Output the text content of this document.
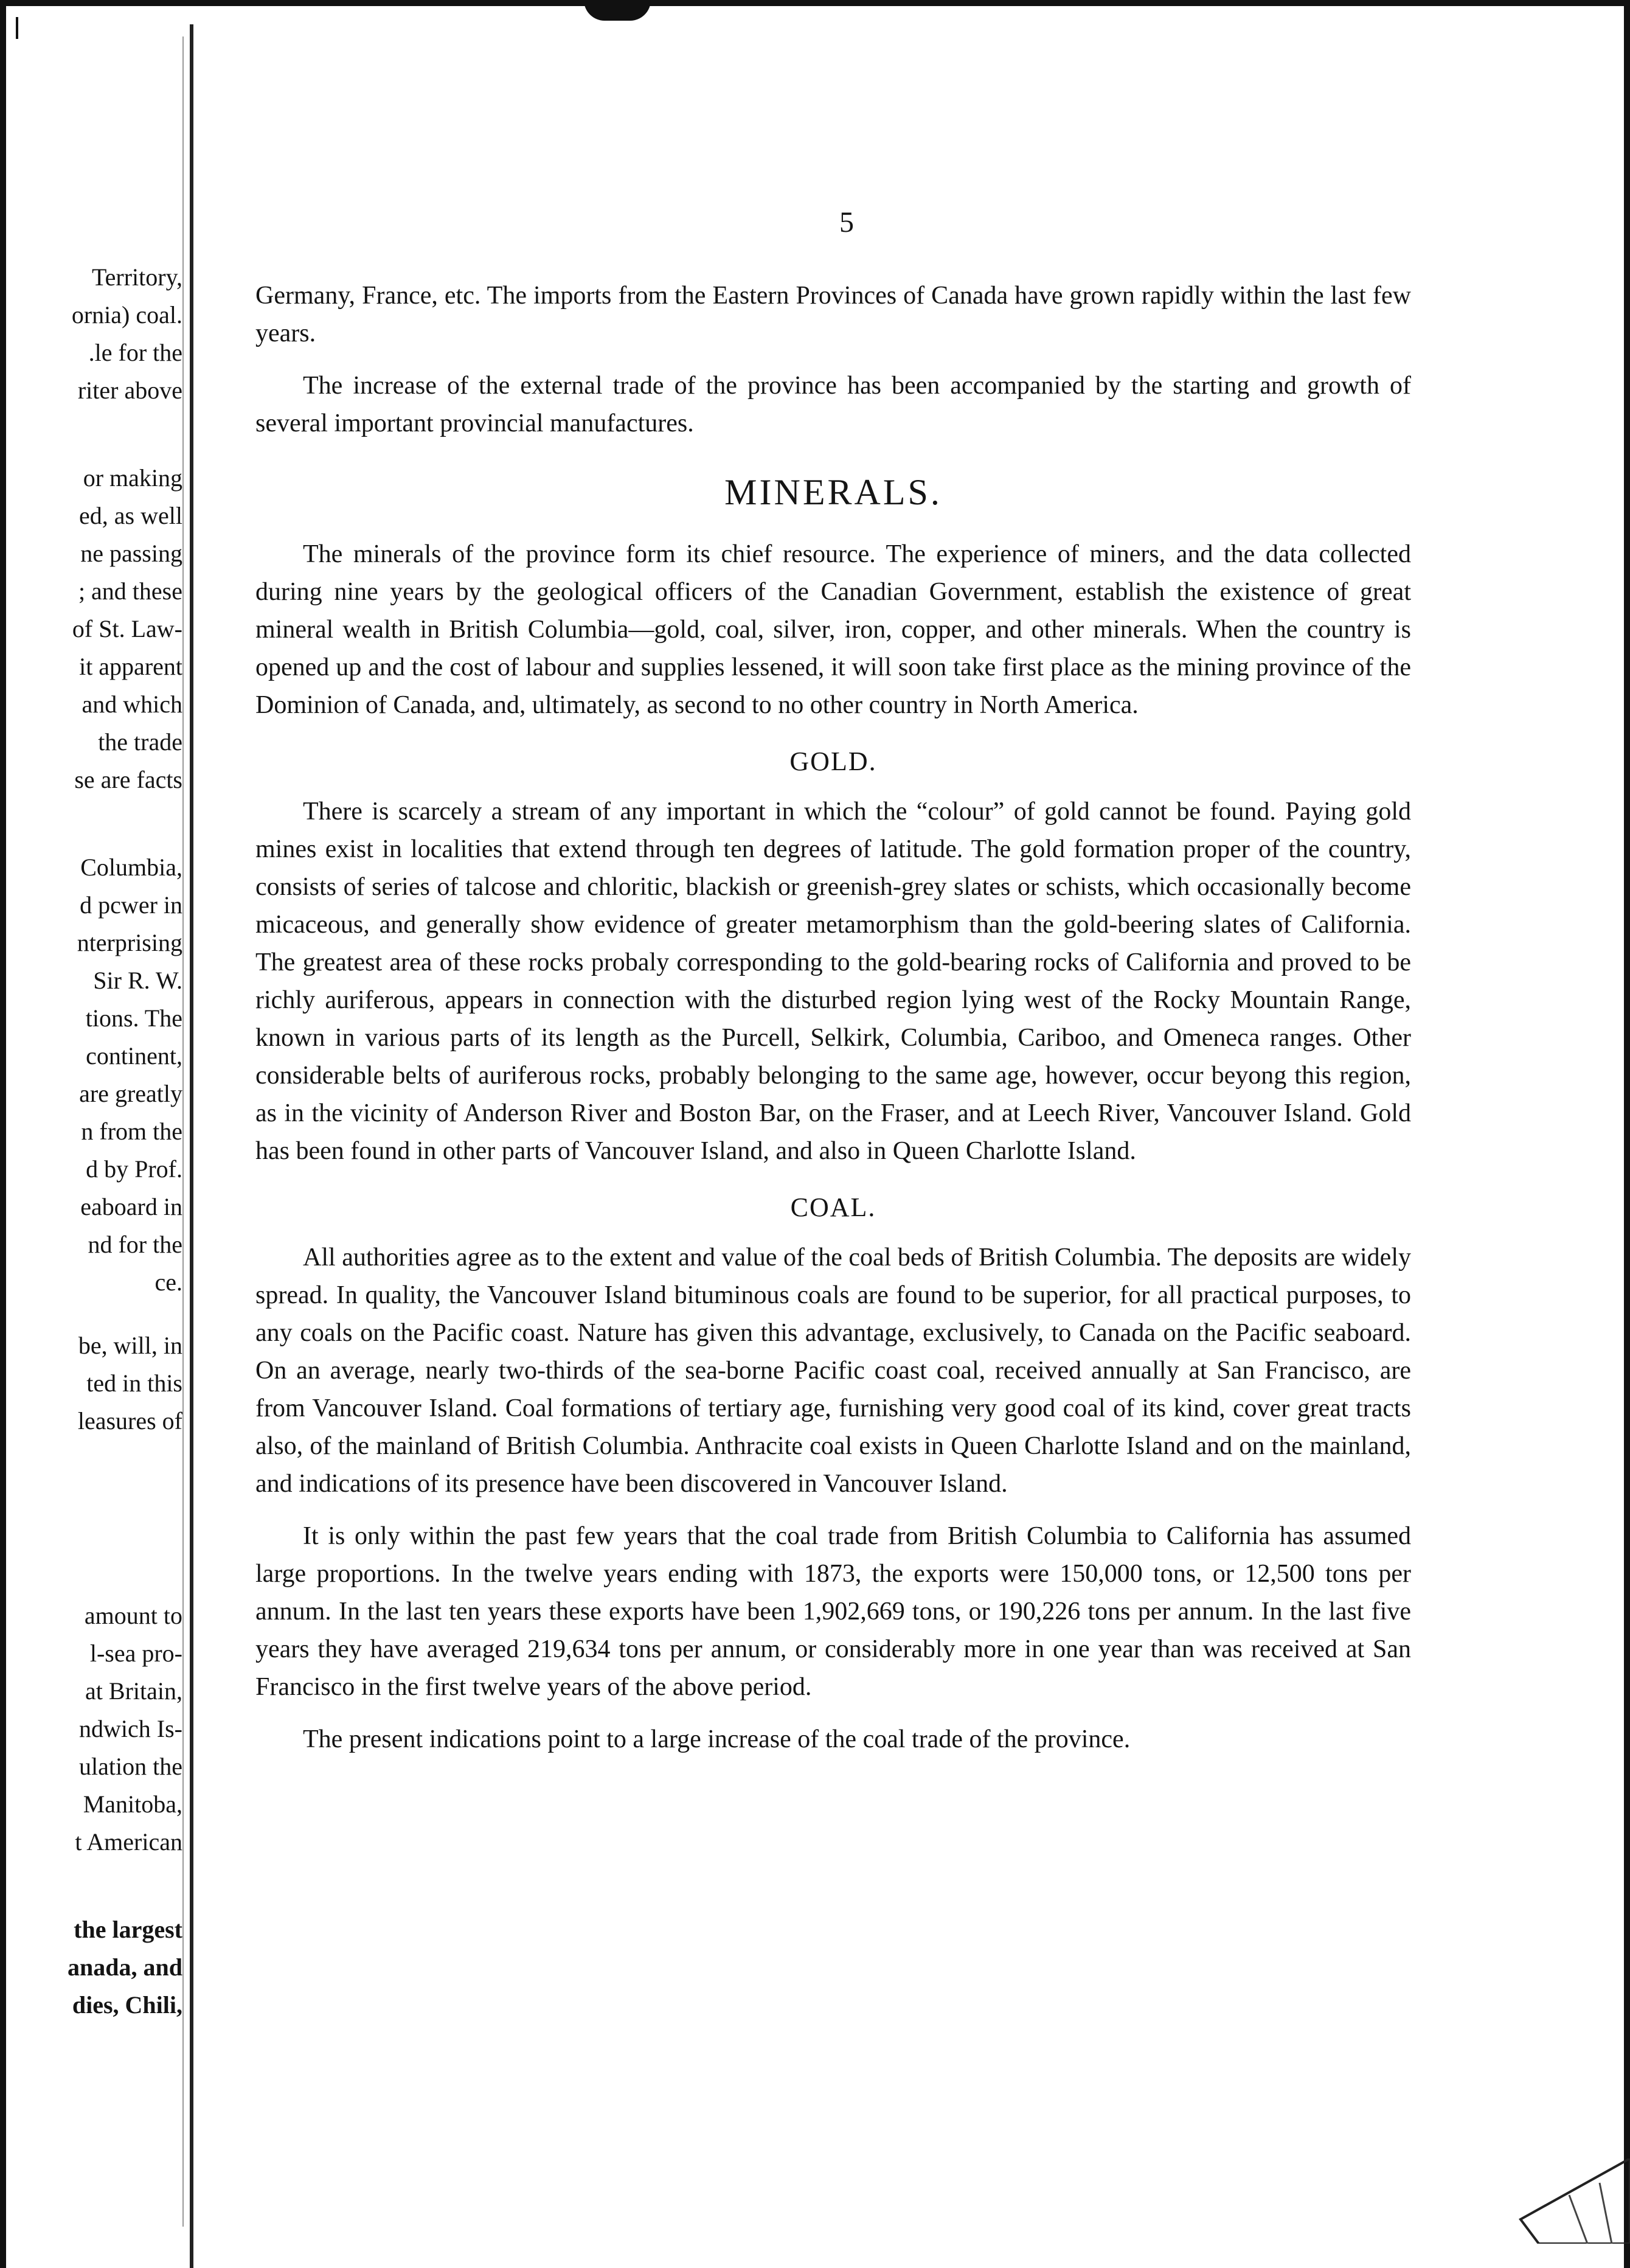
Territory,
ornia) coal.
.le for the
riter above
or making
ed, as well
ne passing
; and these
of St. Law-
it apparent
and which
the trade
se are facts
Columbia,
d pcwer in
nterprising
Sir R. W.
tions. The
continent,
are greatly
n from the
d by Prof.
eaboard in
nd for the
ce.
be, will, in
ted in this
leasures of
amount to
l-sea pro-
at Britain,
ndwich Is-
ulation the
Manitoba,
t American
the largest
anada, and
dies, Chili,
5

Germany, France, etc. The imports from the Eastern Provinces of Canada have grown rapidly within the last few years.

The increase of the external trade of the province has been accompanied by the starting and growth of several important provincial manufactures.

MINERALS.

The minerals of the province form its chief resource. The experience of miners, and the data collected during nine years by the geological officers of the Canadian Government, establish the existence of great mineral wealth in British Columbia—gold, coal, silver, iron, copper, and other minerals. When the country is opened up and the cost of labour and supplies lessened, it will soon take first place as the mining province of the Dominion of Canada, and, ultimately, as second to no other country in North America.

GOLD.

There is scarcely a stream of any important in which the “colour” of gold cannot be found. Paying gold mines exist in localities that extend through ten degrees of latitude. The gold formation proper of the country, consists of series of talcose and chloritic, blackish or greenish-grey slates or schists, which occasionally become micaceous, and generally show evidence of greater metamorphism than the gold-beering slates of California. The greatest area of these rocks probaly corresponding to the gold-bearing rocks of California and proved to be richly auriferous, appears in connection with the disturbed region lying west of the Rocky Mountain Range, known in various parts of its length as the Purcell, Selkirk, Columbia, Cariboo, and Omeneca ranges. Other considerable belts of auriferous rocks, probably belonging to the same age, however, occur beyong this region, as in the vicinity of Anderson River and Boston Bar, on the Fraser, and at Leech River, Vancouver Island. Gold has been found in other parts of Vancouver Island, and also in Queen Charlotte Island.

COAL.

All authorities agree as to the extent and value of the coal beds of British Columbia. The deposits are widely spread. In quality, the Vancouver Island bituminous coals are found to be superior, for all practical purposes, to any coals on the Pacific coast. Nature has given this advantage, exclusively, to Canada on the Pacific seaboard. On an average, nearly two-thirds of the sea-borne Pacific coast coal, received annually at San Francisco, are from Vancouver Island. Coal formations of tertiary age, furnishing very good coal of its kind, cover great tracts also, of the mainland of British Columbia. Anthracite coal exists in Queen Charlotte Island and on the mainland, and indications of its presence have been discovered in Vancouver Island.

It is only within the past few years that the coal trade from British Columbia to California has assumed large proportions. In the twelve years ending with 1873, the exports were 150,000 tons, or 12,500 tons per annum. In the last ten years these exports have been 1,902,669 tons, or 190,226 tons per annum. In the last five years they have averaged 219,634 tons per annum, or considerably more in one year than was received at San Francisco in the first twelve years of the above period.

The present indications point to a large increase of the coal trade of the province.
